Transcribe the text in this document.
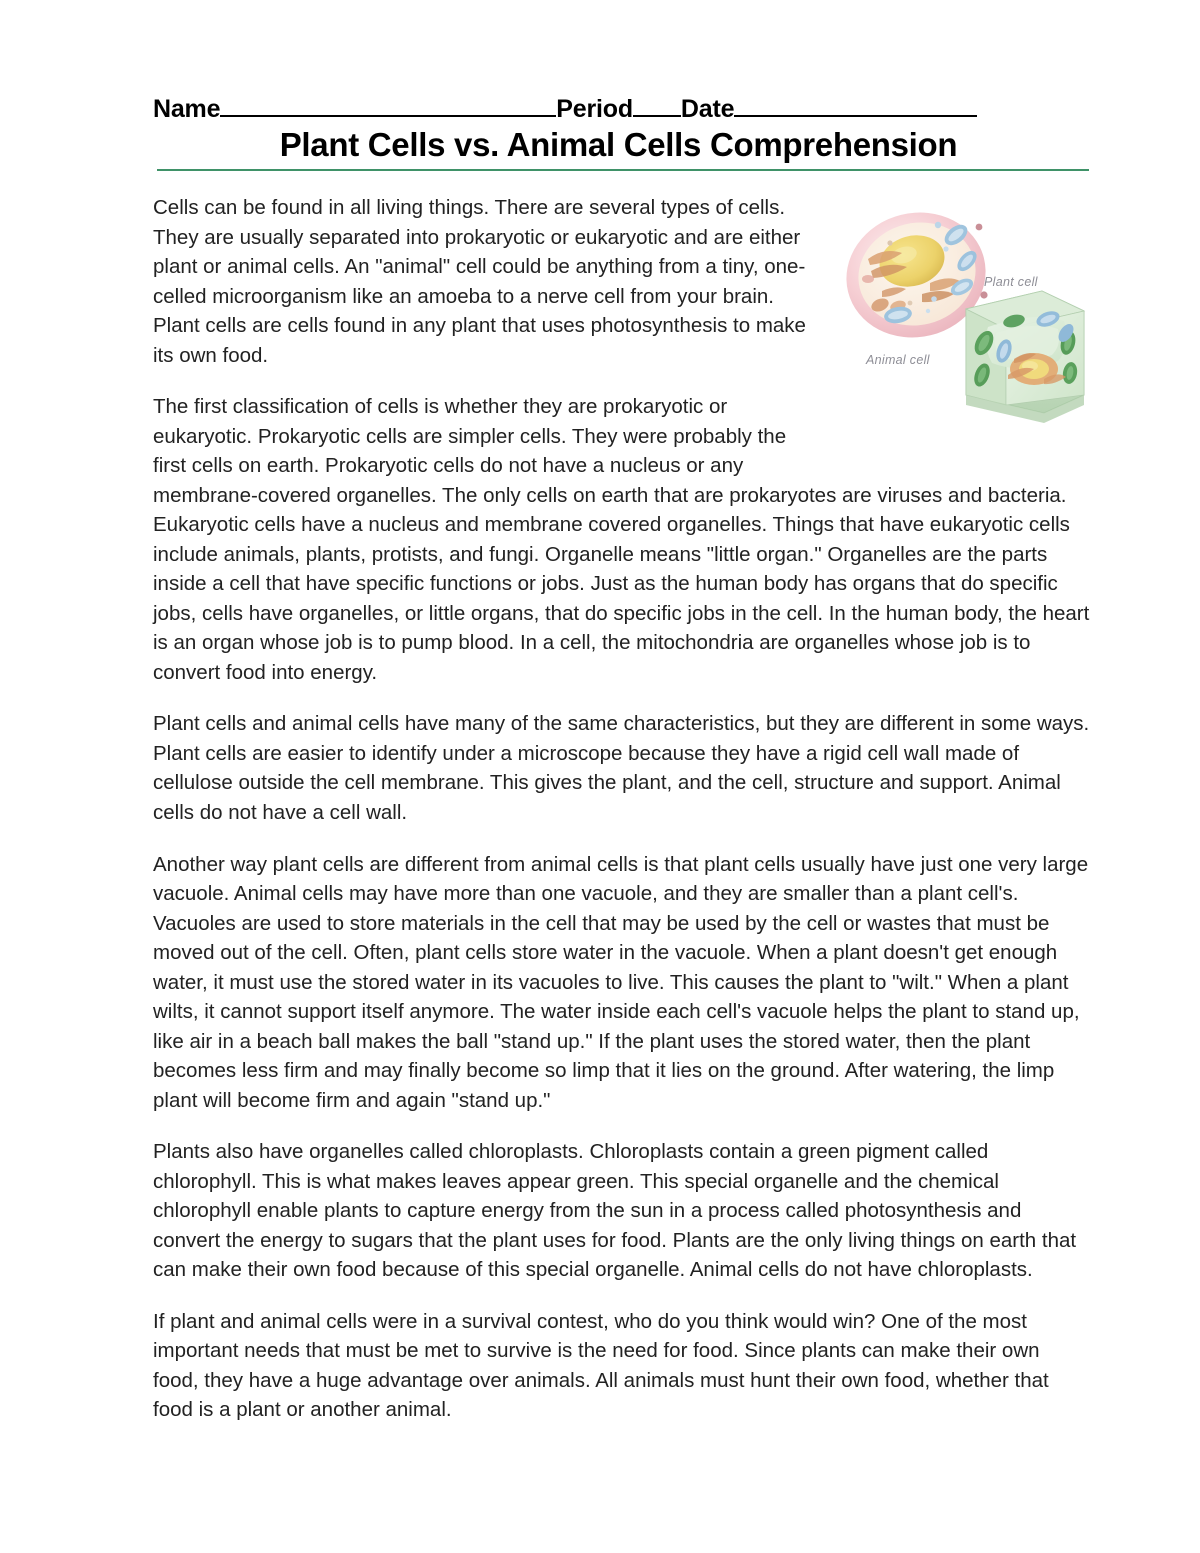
Name	Period Date
Plant Cells vs. Animal Cells Comprehension
Plant cell
Animal cell

Cells can be found in all living things. There are several types of cells. They are usually separated into prokaryotic or eukaryotic and are either plant or animal cells. An "animal" cell could be anything from a tiny, one-celled microorganism like an amoeba to a nerve cell from your brain. Plant cells are cells found in any plant that uses photosynthesis to make its own food.

The first classification of cells is whether they are prokaryotic or eukaryotic. Prokaryotic cells are simpler cells. They were probably the first cells on earth. Prokaryotic cells do not have a nucleus or any membrane-covered organelles. The only cells on earth that are prokaryotes are viruses and bacteria. Eukaryotic cells have a nucleus and membrane covered organelles. Things that have eukaryotic cells include animals, plants, protists, and fungi. Organelle means "little organ." Organelles are the parts inside a cell that have specific functions or jobs. Just as the human body has organs that do specific jobs, cells have organelles, or little organs, that do specific jobs in the cell. In the human body, the heart is an organ whose job is to pump blood. In a cell, the mitochondria are organelles whose job is to convert food into energy.

Plant cells and animal cells have many of the same characteristics, but they are different in some ways. Plant cells are easier to identify under a microscope because they have a rigid cell wall made of cellulose outside the cell membrane. This gives the plant, and the cell, structure and support. Animal cells do not have a cell wall.

Another way plant cells are different from animal cells is that plant cells usually have just one very large vacuole. Animal cells may have more than one vacuole, and they are smaller than a plant cell's. Vacuoles are used to store materials in the cell that may be used by the cell or wastes that must be moved out of the cell. Often, plant cells store water in the vacuole. When a plant doesn't get enough water, it must use the stored water in its vacuoles to live. This causes the plant to "wilt." When a plant wilts, it cannot support itself anymore. The water inside each cell's vacuole helps the plant to stand up, like air in a beach ball makes the ball "stand up." If the plant uses the stored water, then the plant becomes less firm and may finally become so limp that it lies on the ground. After watering, the limp plant will become firm and again "stand up."

Plants also have organelles called chloroplasts. Chloroplasts contain a green pigment called chlorophyll. This is what makes leaves appear green. This special organelle and the chemical chlorophyll enable plants to capture energy from the sun in a process called photosynthesis and convert the energy to sugars that the plant uses for food. Plants are the only living things on earth that can make their own food because of this special organelle. Animal cells do not have chloroplasts.

If plant and animal cells were in a survival contest, who do you think would win? One of the most important needs that must be met to survive is the need for food. Since plants can make their own food, they have a huge advantage over animals. All animals must hunt their own food, whether that food is a plant or another animal.
